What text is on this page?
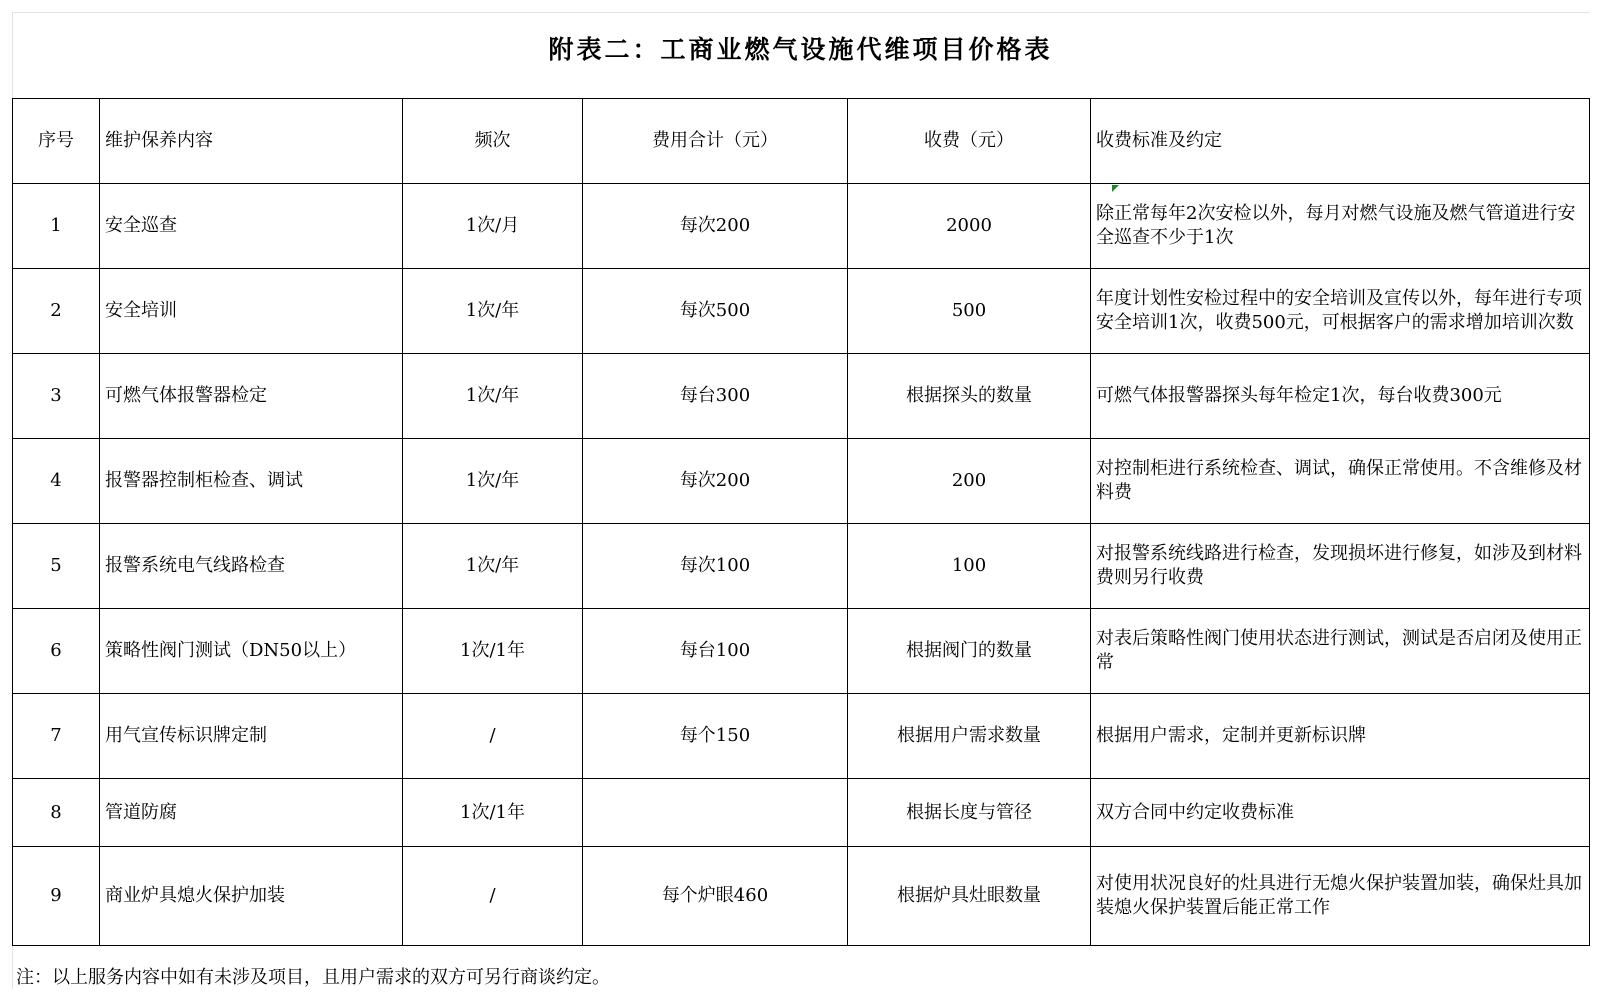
附表二：工商业燃气设施代维项目价格表
序号	维护保养内容	频次	费用合计（元）	收费（元）	收费标准及约定
1	安全巡查	1次/月	每次200	2000	除正常每年2次安检以外，每月对燃气设施及燃气管道进行安全巡查不少于1次
2	安全培训	1次/年	每次500	500	年度计划性安检过程中的安全培训及宣传以外，每年进行专项安全培训1次，收费500元，可根据客户的需求增加培训次数
3	可燃气体报警器检定	1次/年	每台300	根据探头的数量	可燃气体报警器探头每年检定1次，每台收费300元
4	报警器控制柜检查、调试	1次/年	每次200	200	对控制柜进行系统检查、调试，确保正常使用。不含维修及材料费
5	报警系统电气线路检查	1次/年	每次100	100	对报警系统线路进行检查，发现损坏进行修复，如涉及到材料费则另行收费
6	策略性阀门测试（DN50以上）	1次/1年	每台100	根据阀门的数量	对表后策略性阀门使用状态进行测试，测试是否启闭及使用正常
7	用气宣传标识牌定制	/	每个150	根据用户需求数量	根据用户需求，定制并更新标识牌
8	管道防腐	1次/1年		根据长度与管径	双方合同中约定收费标准
9	商业炉具熄火保护加装	/	每个炉眼460	根据炉具灶眼数量	对使用状况良好的灶具进行无熄火保护装置加装，确保灶具加装熄火保护装置后能正常工作
注：以上服务内容中如有未涉及项目，且用户需求的双方可另行商谈约定。
